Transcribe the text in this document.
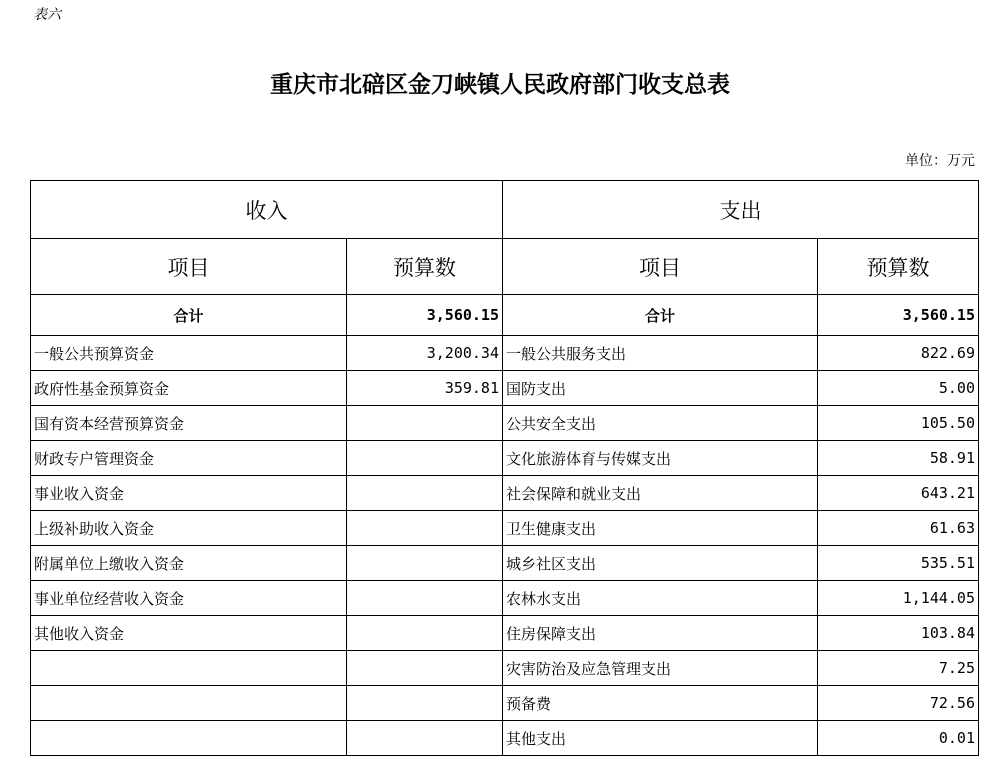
表六
重庆市北碚区金刀峡镇人民政府部门收支总表
单位：万元
收入		支出	
项目	预算数	项目	预算数
合计	3,560.15	合计	3,560.15
一般公共预算资金	3,200.34	一般公共服务支出	822.69
政府性基金预算资金	359.81	国防支出	5.00
国有资本经营预算资金		公共安全支出	105.50
财政专户管理资金		文化旅游体育与传媒支出	58.91
事业收入资金		社会保障和就业支出	643.21
上级补助收入资金		卫生健康支出	61.63
附属单位上缴收入资金		城乡社区支出	535.51
事业单位经营收入资金		农林水支出	1,144.05
其他收入资金		住房保障支出	103.84
		灾害防治及应急管理支出	7.25
		预备费	72.56
		其他支出	0.01
